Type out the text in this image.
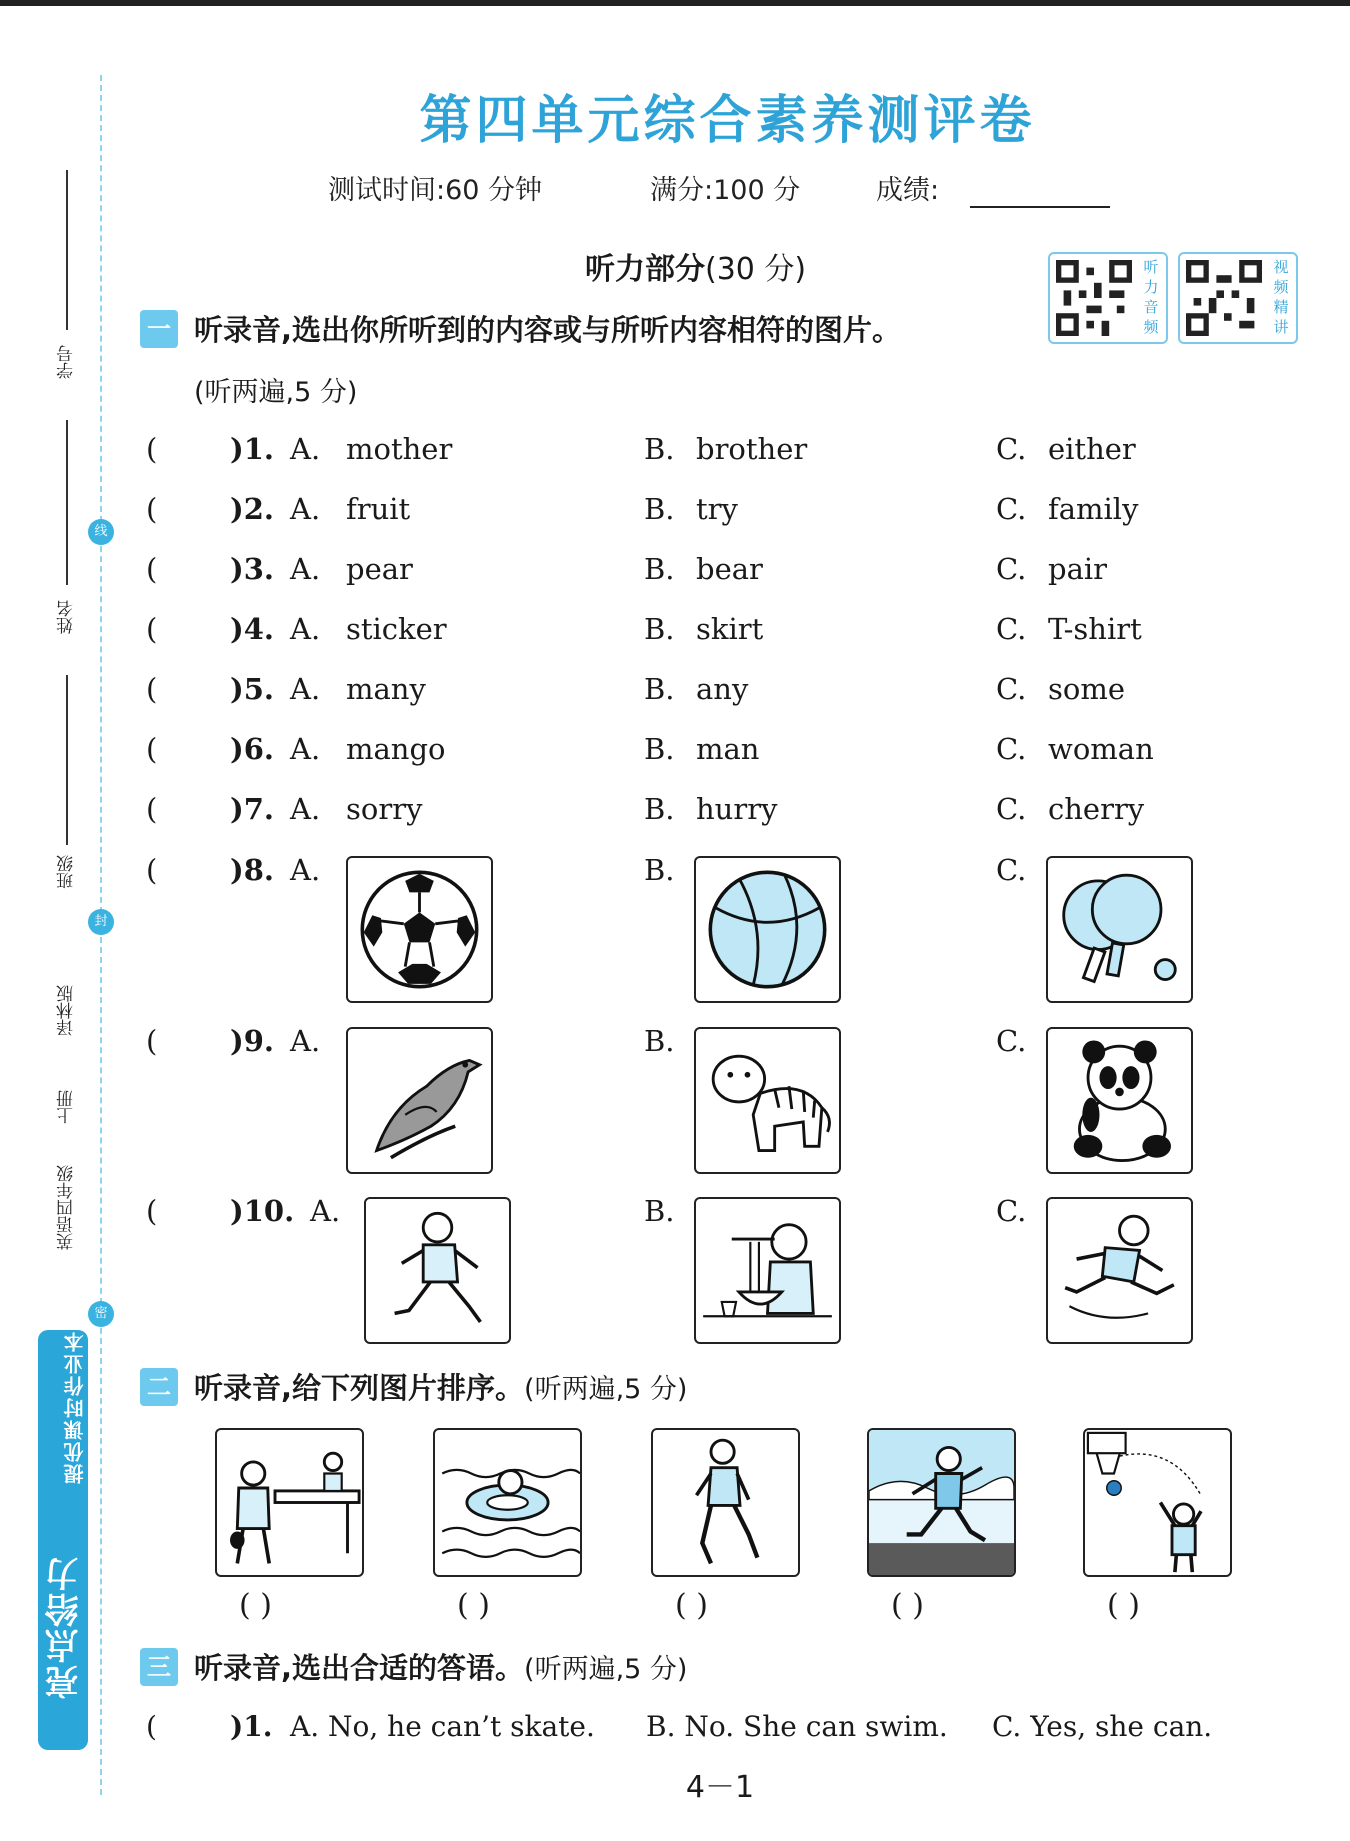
学号
姓名
班级
线
封
密
译林版
上册
英语四年级
提优课时作业本
亮点给力
第四单元综合素养测评卷
测试时间:60 分钟	满分:100 分	成绩:
听力部分(30 分)	听
力
音
频
视
频
精
讲
一 听录音,选出你所听到的内容或与所听内容相符的图片。
(听两遍,5 分)
(	)1. A. mother	B. brother	C. either
(	)2. A. fruit	B. try	C. family
(	)3. A. pear	B. bear	C. pair
(	)4. A. sticker	B. skirt	C. T-shirt
(	)5. A. many	B. any	C. some
(	)6. A. mango	B. man	C. woman
(	)7. A. sorry	B. hurry	C. cherry
(	)8. A.	B.	C.
(	)9. A.	B.	C.
(	)10. A.	B.	C.
二 听录音,给下列图片排序。(听两遍,5 分)
( )	( )	( )	( )	( )
三 听录音,选出合适的答语。(听两遍,5 分)
(	)1. A. No, he can’t skate. B. No. She can swim. C. Yes, she can.
4－1
